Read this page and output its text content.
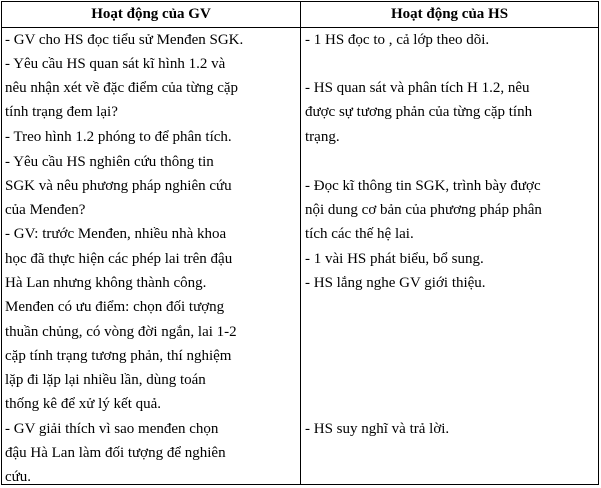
Hoạt động của GV	Hoạt động của HS
- GV cho HS đọc tiểu sử Menđen SGK.
- Yêu cầu HS quan sát kĩ hình 1.2 và
nêu nhận xét về đặc điểm của từng cặp
tính trạng đem lại?
- Treo hình 1.2 phóng to để phân tích.
- Yêu cầu HS nghiên cứu thông tin
SGK và nêu phương pháp nghiên cứu
của Menđen?
- GV: trước Menđen, nhiều nhà khoa
học đã thực hiện các phép lai trên đậu
Hà Lan nhưng không thành công.
Menđen có ưu điểm: chọn đối tượng
thuần chủng, có vòng đời ngắn, lai 1-2
cặp tính trạng tương phản, thí nghiệm
lặp đi lặp lại nhiều lần, dùng toán
thống kê để xử lý kết quả.
- GV giải thích vì sao menđen chọn
đậu Hà Lan làm đối tượng để nghiên
cứu.
- 1 HS đọc to , cả lớp theo dõi.
- HS quan sát và phân tích H 1.2, nêu
được sự tương phản của từng cặp tính
trạng.
- Đọc kĩ thông tin SGK, trình bày được
nội dung cơ bản của phương pháp phân
tích các thế hệ lai.
- 1 vài HS phát biểu, bổ sung.
- HS lắng nghe GV giới thiệu.
- HS suy nghĩ và trả lời.
